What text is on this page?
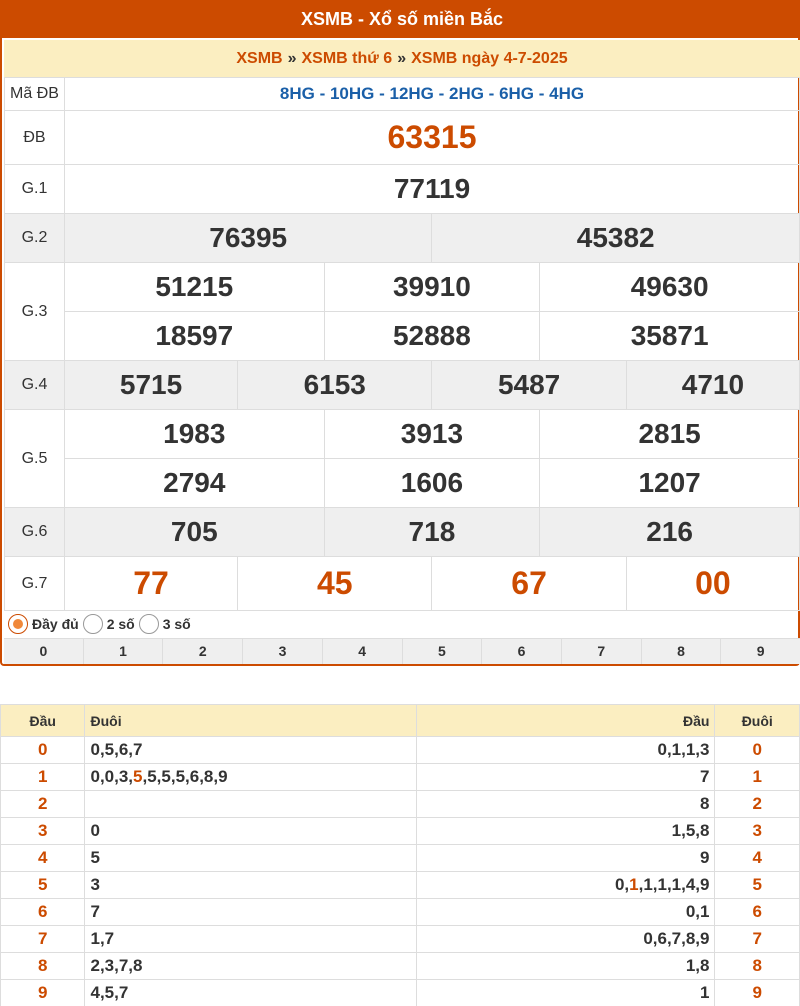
XSMB - Xổ số miền Bắc
XSMB » XSMB thứ 6 » XSMB ngày 4-7-2025
Mã ĐB	8HG - 10HG - 12HG - 2HG - 6HG - 4HG					
ĐB	63315					
G.1	77119					
G.2	76395			45382		
G.3	51215		39910		49630	
	18597		52888		35871	
G.4	5715	6153		5487		4710
G.5	1983		3913		2815	
	2794		1606		1207	
G.6	705		718		216	
G.7	77	45		67		00
Đầy đủ 2 số 3 số
0	1	2	3	4	5	6	7	8	9
Đầu	Đuôi	Đầu	Đuôi
0	0,5,6,7	0,1,1,3	0
1	0,0,3,5,5,5,5,6,8,9	7	1
2		8	2
3	0	1,5,8	3
4	5	9	4
5	3	0,1,1,1,1,4,9	5
6	7	0,1	6
7	1,7	0,6,7,8,9	7
8	2,3,7,8	1,8	8
9	4,5,7	1	9
